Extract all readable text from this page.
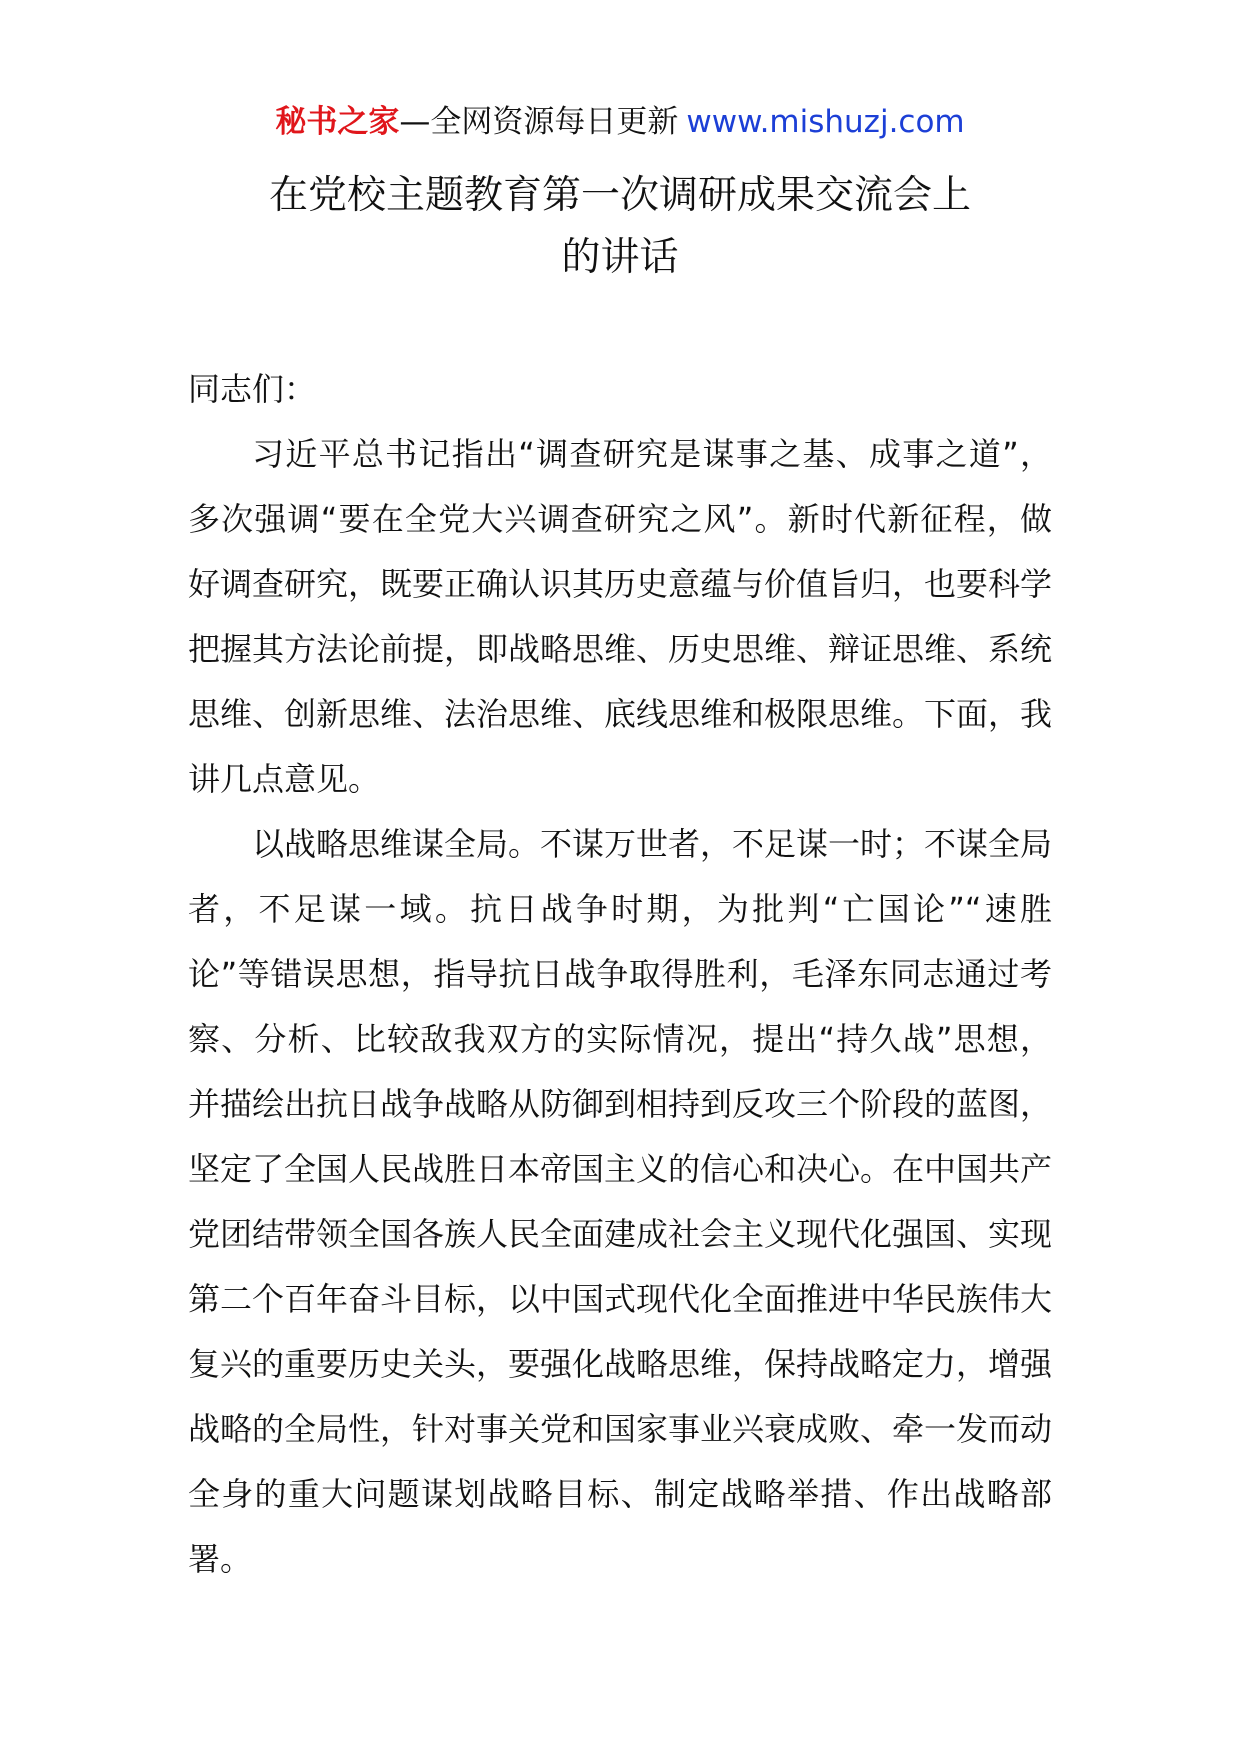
秘书之家—全网资源每日更新 www.mishuzj.com
在党校主题教育第一次调研成果交流会上
的讲话

同志们：

习近平总书记指出“调查研究是谋事之基、成事之道”，多次强调“要在全党大兴调查研究之风”。新时代新征程，做好调查研究，既要正确认识其历史意蕴与价值旨归，也要科学把握其方法论前提，即战略思维、历史思维、辩证思维、系统思维、创新思维、法治思维、底线思维和极限思维。下面，我讲几点意见。

以战略思维谋全局。不谋万世者，不足谋一时；不谋全局者，不足谋一域。抗日战争时期，为批判“亡国论”“速胜论”等错误思想，指导抗日战争取得胜利，毛泽东同志通过考察、分析、比较敌我双方的实际情况，提出“持久战”思想，并描绘出抗日战争战略从防御到相持到反攻三个阶段的蓝图，坚定了全国人民战胜日本帝国主义的信心和决心。在中国共产党团结带领全国各族人民全面建成社会主义现代化强国、实现第二个百年奋斗目标，以中国式现代化全面推进中华民族伟大复兴的重要历史关头，要强化战略思维，保持战略定力，增强战略的全局性，针对事关党和国家事业兴衰成败、牵一发而动全身的重大问题谋划战略目标、制定战略举措、作出战略部署。
